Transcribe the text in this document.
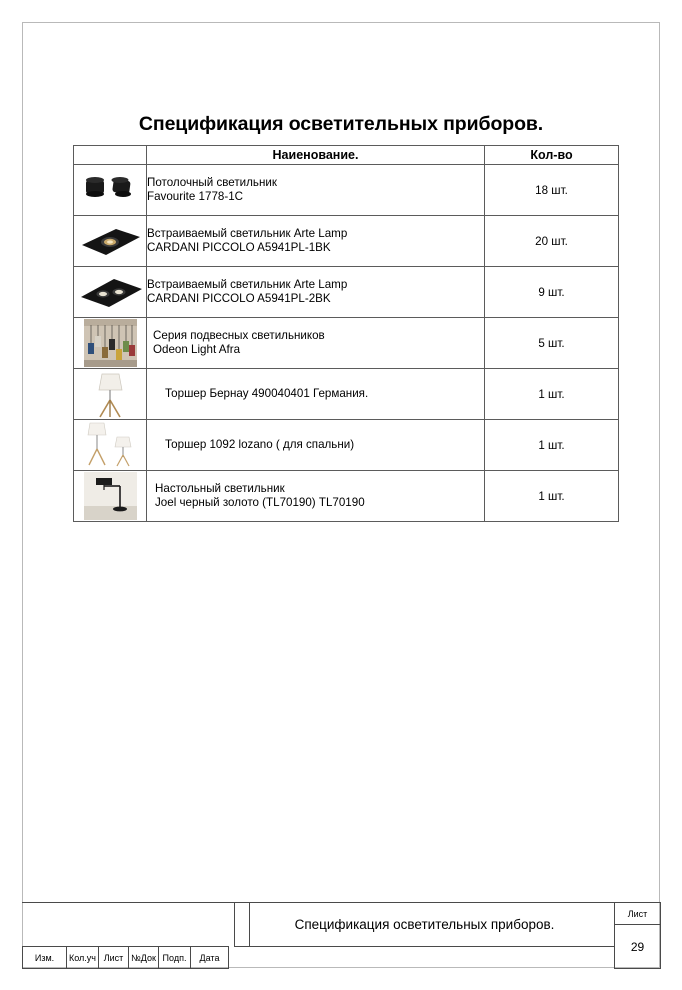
Спецификация осветительных приборов.
	Наиенование.	Кол-во

Потолочный светильник
Favourite 1778-1C	18 шт.

Встраиваемый светильник Arte Lamp
CARDANI PICCOLO A5941PL-1BK	20 шт.

Встраиваемый светильник Arte Lamp
CARDANI PICCOLO A5941PL-2BK	9 шт.

Серия подвесных светильников
Odeon Light Afra	5 шт.

Торшер Бернау 490040401 Германия.	1 шт.

Торшер 1092 lozano ( для спальни)	1 шт.

Настольный светильник
Joel черный золото (TL70190) TL70190	1 шт.
							Спецификация осветительных приборов.	Лист
								29
Изм.	Кол.уч	Лист	№Док	Подп.	Дата			
